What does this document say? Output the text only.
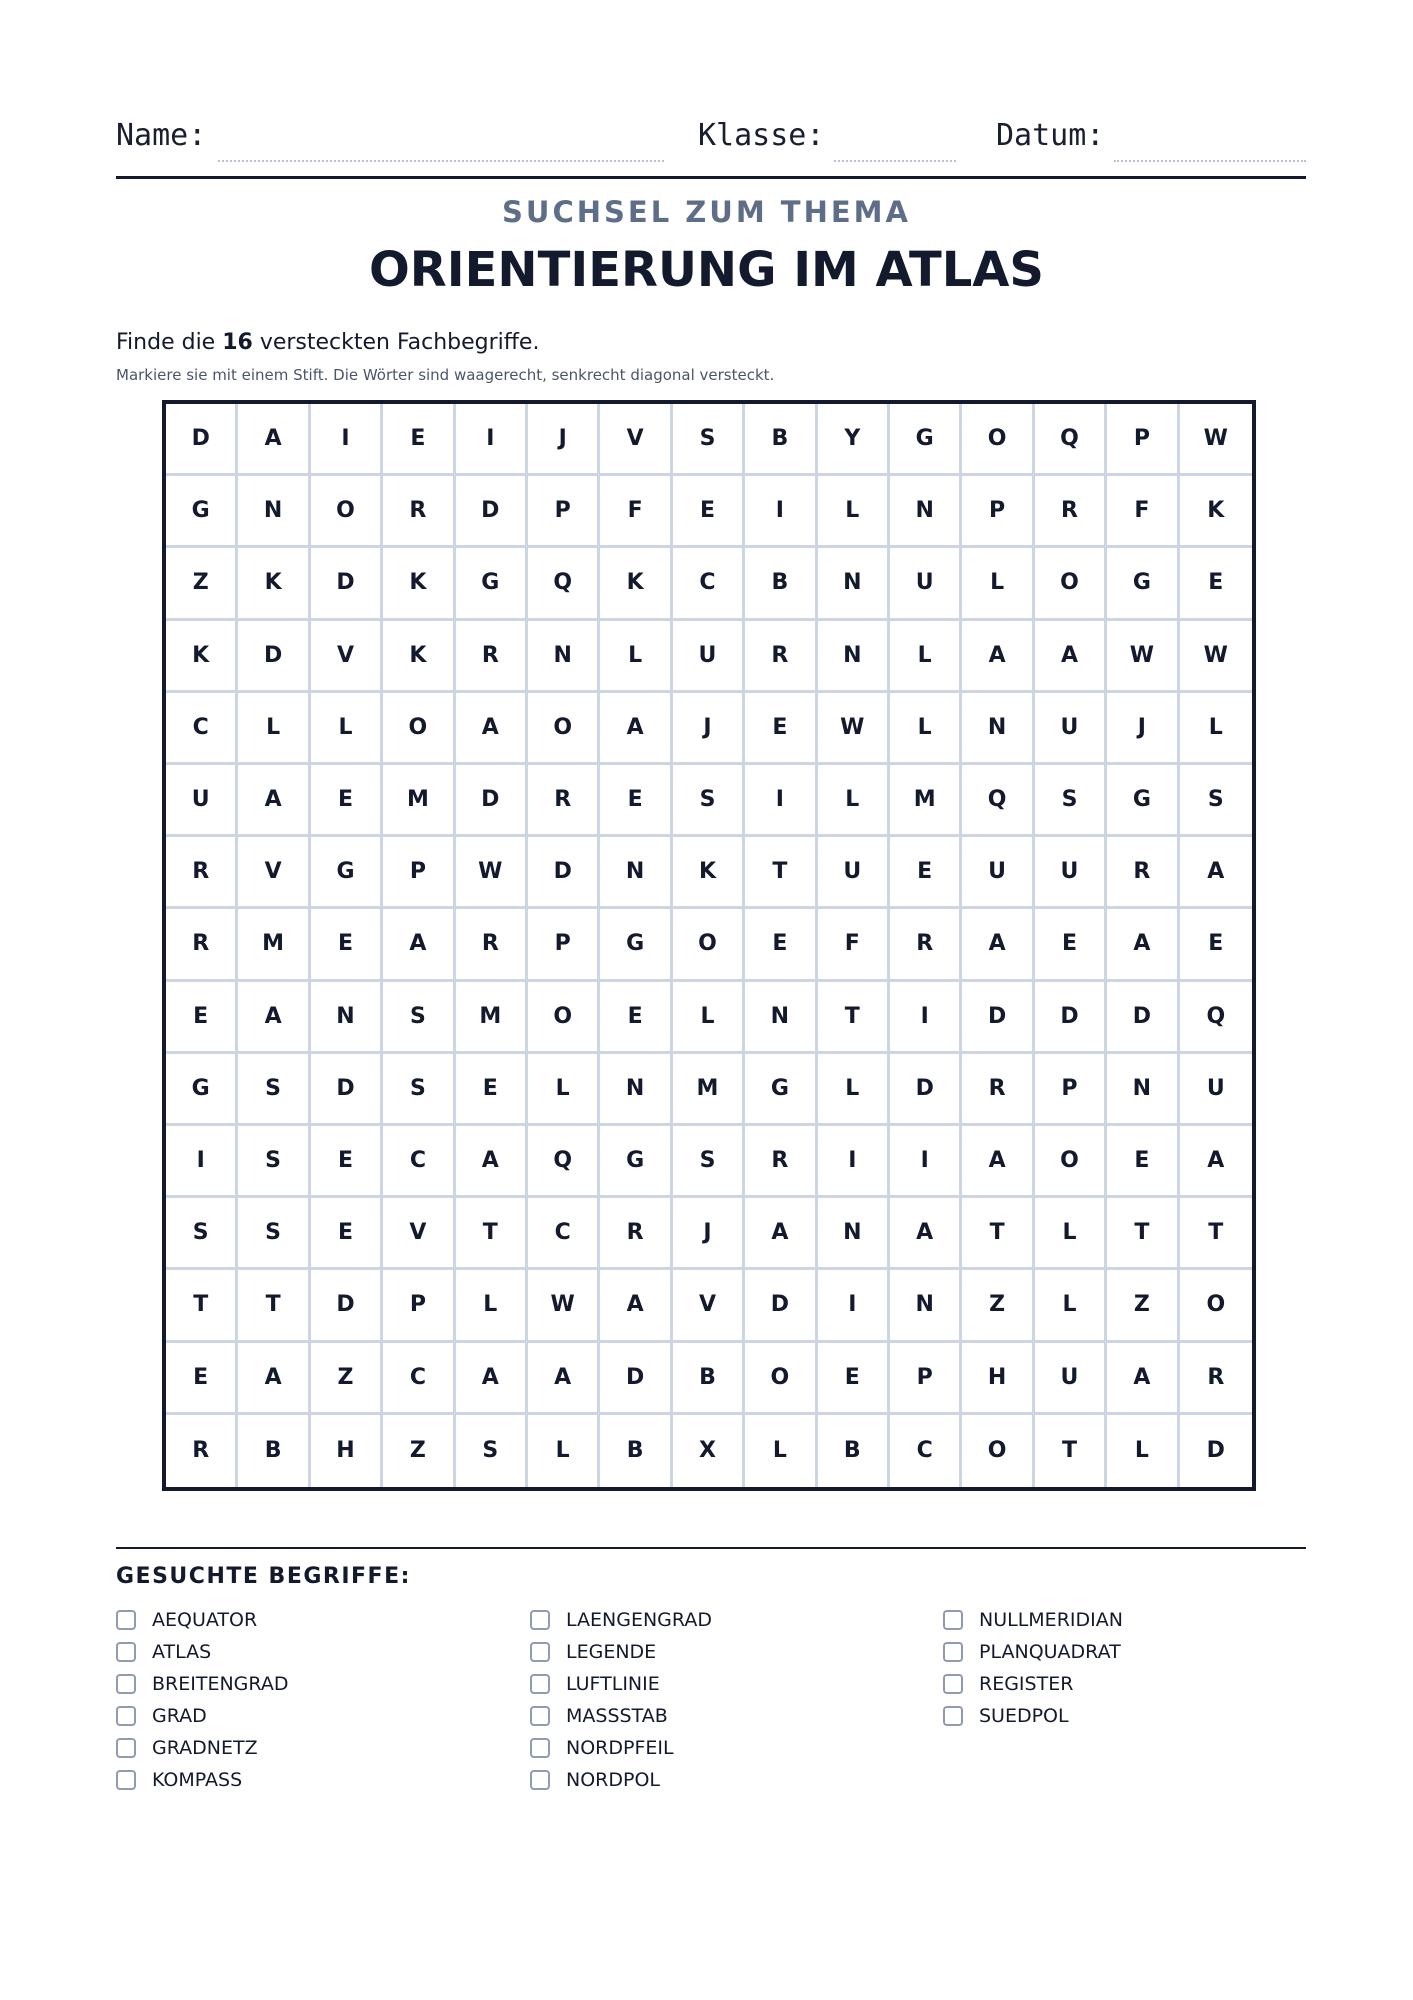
Name:	Klasse:	Datum:
SUCHSEL ZUM THEMA
ORIENTIERUNG IM ATLAS
Finde die 16 versteckten Fachbegriffe.
Markiere sie mit einem Stift. Die Wörter sind waagerecht, senkrecht diagonal versteckt.
D	A	I	E	I	J	V	S	B	Y	G	O	Q	P	W
G	N	O	R	D	P	F	E	I	L	N	P	R	F	K
Z	K	D	K	G	Q	K	C	B	N	U	L	O	G	E
K	D	V	K	R	N	L	U	R	N	L	A	A	W	W
C	L	L	O	A	O	A	J	E	W	L	N	U	J	L
U	A	E	M	D	R	E	S	I	L	M	Q	S	G	S
R	V	G	P	W	D	N	K	T	U	E	U	U	R	A
R	M	E	A	R	P	G	O	E	F	R	A	E	A	E
E	A	N	S	M	O	E	L	N	T	I	D	D	D	Q
G	S	D	S	E	L	N	M	G	L	D	R	P	N	U
I	S	E	C	A	Q	G	S	R	I	I	A	O	E	A
S	S	E	V	T	C	R	J	A	N	A	T	L	T	T
T	T	D	P	L	W	A	V	D	I	N	Z	L	Z	O
E	A	Z	C	A	A	D	B	O	E	P	H	U	A	R
R	B	H	Z	S	L	B	X	L	B	C	O	T	L	D
GESUCHTE BEGRIFFE:
AEQUATOR
ATLAS
BREITENGRAD
GRAD
GRADNETZ
KOMPASS
LAENGENGRAD
LEGENDE
LUFTLINIE
MASSSTAB
NORDPFEIL
NORDPOL
NULLMERIDIAN
PLANQUADRAT
REGISTER
SUEDPOL
